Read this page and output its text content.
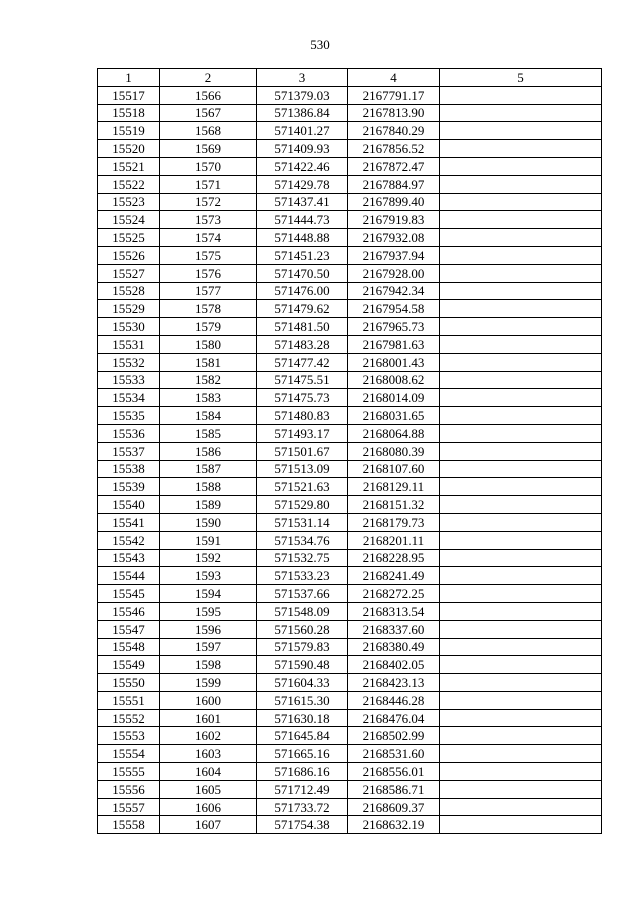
530
1	2	3	4	5
15517	1566	571379.03	2167791.17	
15518	1567	571386.84	2167813.90	
15519	1568	571401.27	2167840.29	
15520	1569	571409.93	2167856.52	
15521	1570	571422.46	2167872.47	
15522	1571	571429.78	2167884.97	
15523	1572	571437.41	2167899.40	
15524	1573	571444.73	2167919.83	
15525	1574	571448.88	2167932.08	
15526	1575	571451.23	2167937.94	
15527	1576	571470.50	2167928.00	
15528	1577	571476.00	2167942.34	
15529	1578	571479.62	2167954.58	
15530	1579	571481.50	2167965.73	
15531	1580	571483.28	2167981.63	
15532	1581	571477.42	2168001.43	
15533	1582	571475.51	2168008.62	
15534	1583	571475.73	2168014.09	
15535	1584	571480.83	2168031.65	
15536	1585	571493.17	2168064.88	
15537	1586	571501.67	2168080.39	
15538	1587	571513.09	2168107.60	
15539	1588	571521.63	2168129.11	
15540	1589	571529.80	2168151.32	
15541	1590	571531.14	2168179.73	
15542	1591	571534.76	2168201.11	
15543	1592	571532.75	2168228.95	
15544	1593	571533.23	2168241.49	
15545	1594	571537.66	2168272.25	
15546	1595	571548.09	2168313.54	
15547	1596	571560.28	2168337.60	
15548	1597	571579.83	2168380.49	
15549	1598	571590.48	2168402.05	
15550	1599	571604.33	2168423.13	
15551	1600	571615.30	2168446.28	
15552	1601	571630.18	2168476.04	
15553	1602	571645.84	2168502.99	
15554	1603	571665.16	2168531.60	
15555	1604	571686.16	2168556.01	
15556	1605	571712.49	2168586.71	
15557	1606	571733.72	2168609.37	
15558	1607	571754.38	2168632.19	
